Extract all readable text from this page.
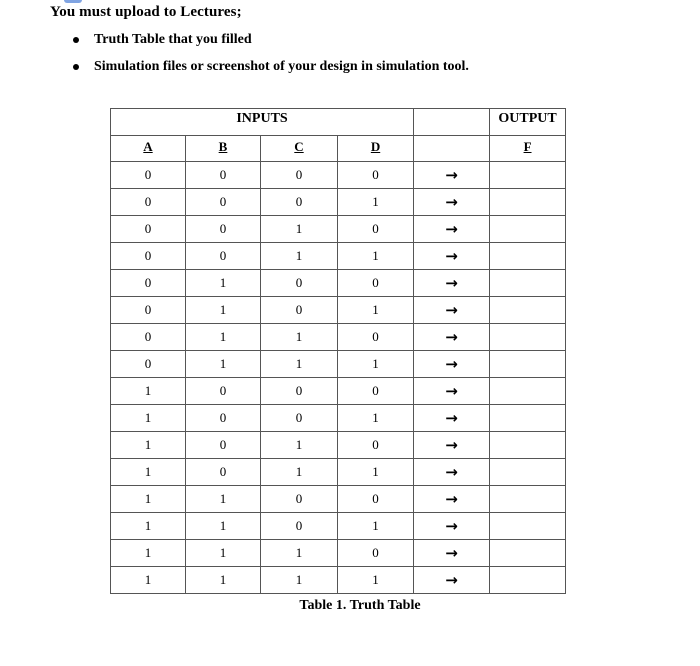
You must upload to Lectures;
Truth Table that you filled
Simulation files or screenshot of your design in simulation tool.
INPUTS					OUTPUT
A	B	C	D		F
0	0	0	0	→	
0	0	0	1	→	
0	0	1	0	→	
0	0	1	1	→	
0	1	0	0	→	
0	1	0	1	→	
0	1	1	0	→	
0	1	1	1	→	
1	0	0	0	→	
1	0	0	1	→	
1	0	1	0	→	
1	0	1	1	→	
1	1	0	0	→	
1	1	0	1	→	
1	1	1	0	→	
1	1	1	1	→	
Table 1. Truth Table
